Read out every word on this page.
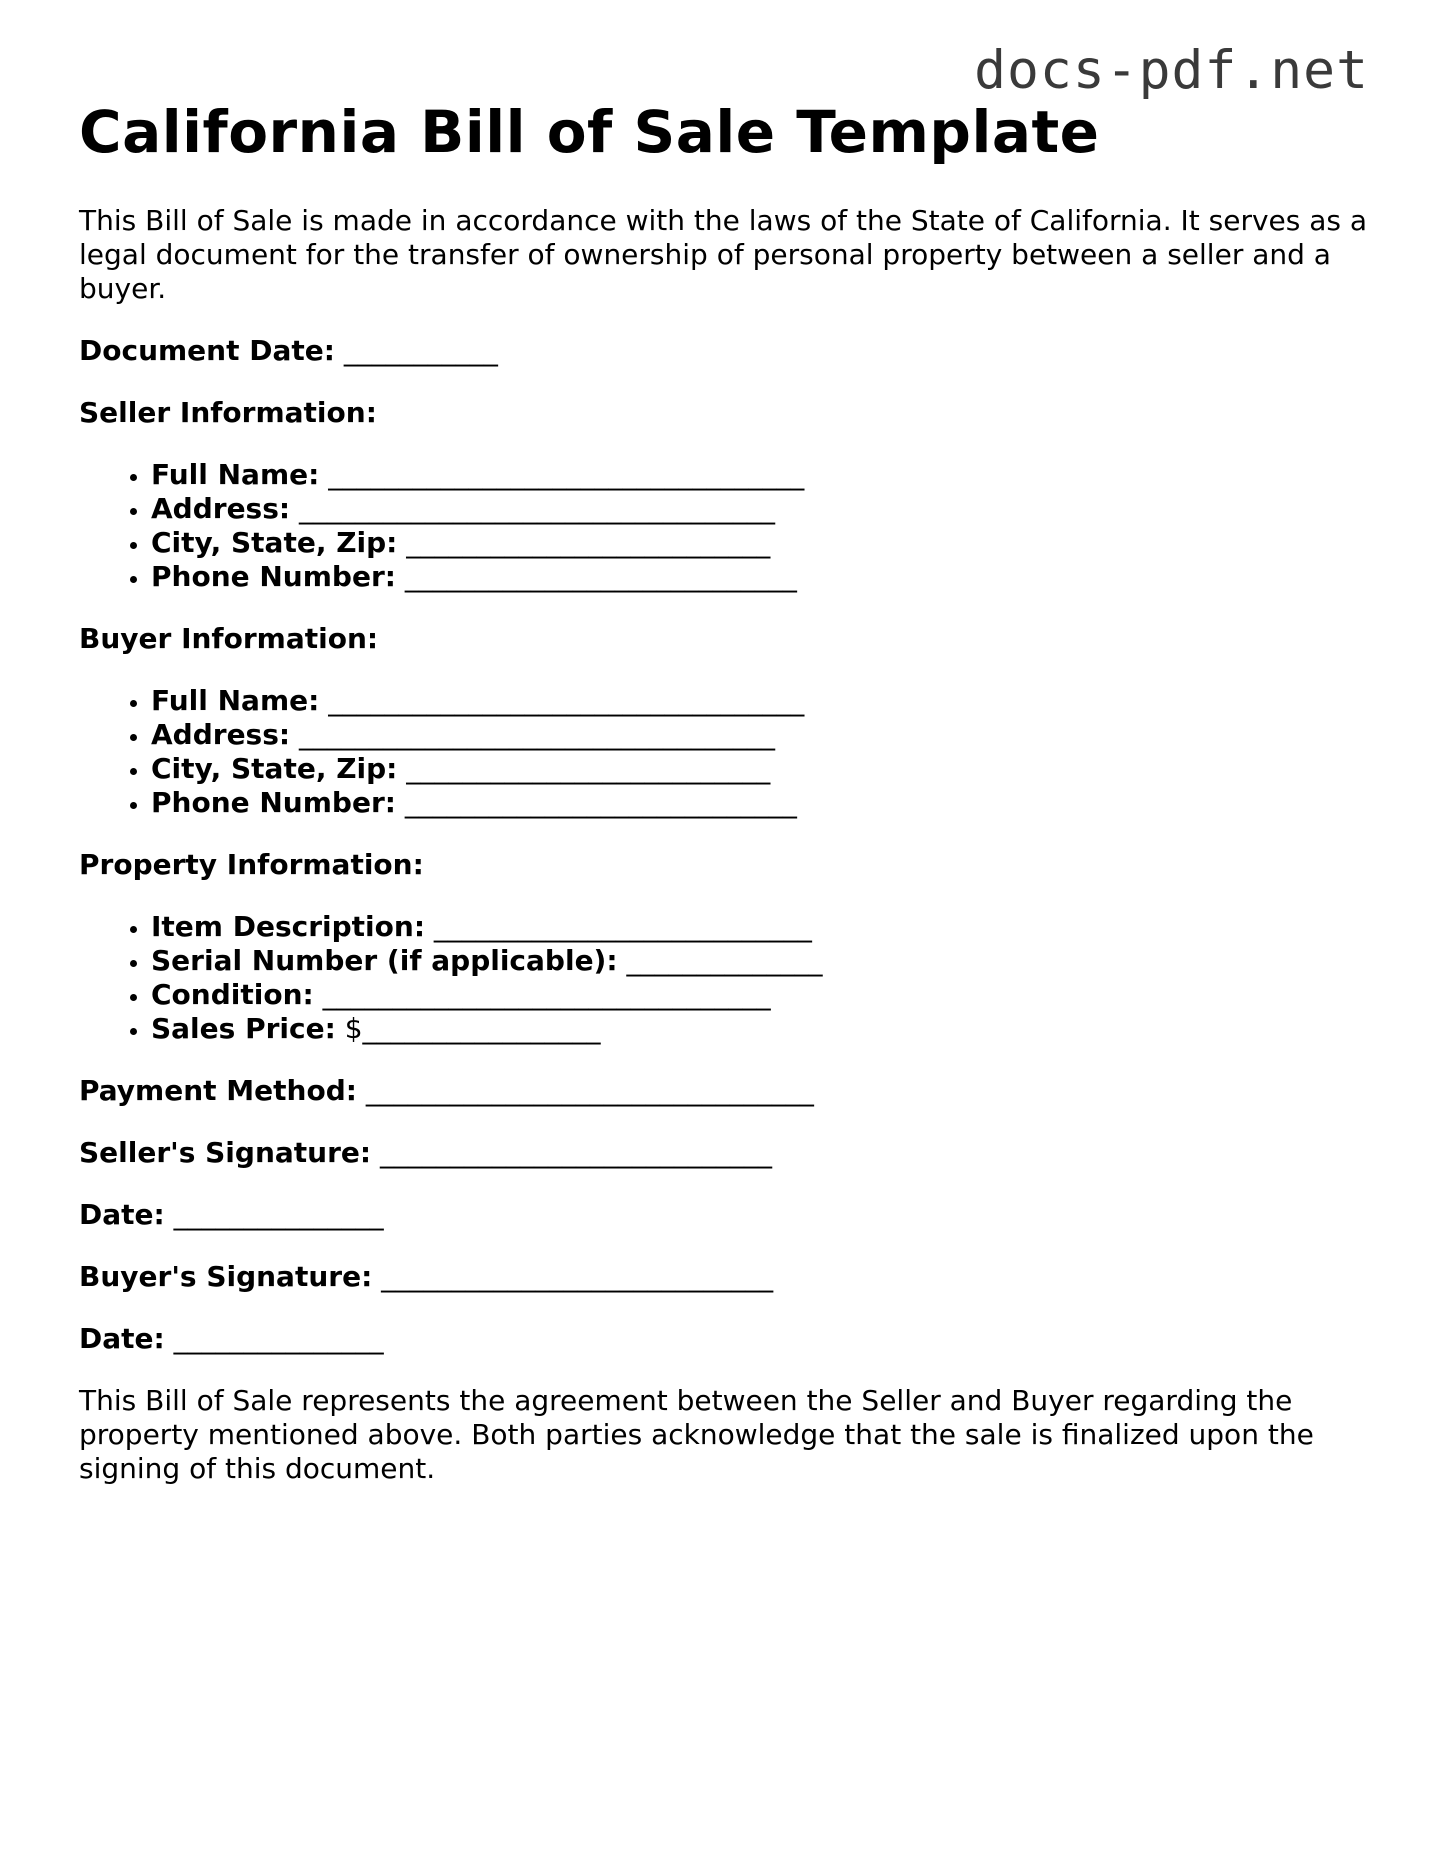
docs-pdf.net
California Bill of Sale Template

This Bill of Sale is made in accordance with the laws of the State of California. It serves as a legal document for the transfer of ownership of personal property between a seller and a buyer.

Document Date: ___________

Seller Information:

• Full Name: __________________________________
• Address: __________________________________
• City, State, Zip: __________________________
• Phone Number: ____________________________

Buyer Information:

• Full Name: __________________________________
• Address: __________________________________
• City, State, Zip: __________________________
• Phone Number: ____________________________

Property Information:

• Item Description: ___________________________
• Serial Number (if applicable): ______________
• Condition: ________________________________
• Sales Price: $_________________

Payment Method: ________________________________

Seller's Signature: ____________________________

Date: _______________

Buyer's Signature: ____________________________

Date: _______________

This Bill of Sale represents the agreement between the Seller and Buyer regarding the property mentioned above. Both parties acknowledge that the sale is finalized upon the signing of this document.
